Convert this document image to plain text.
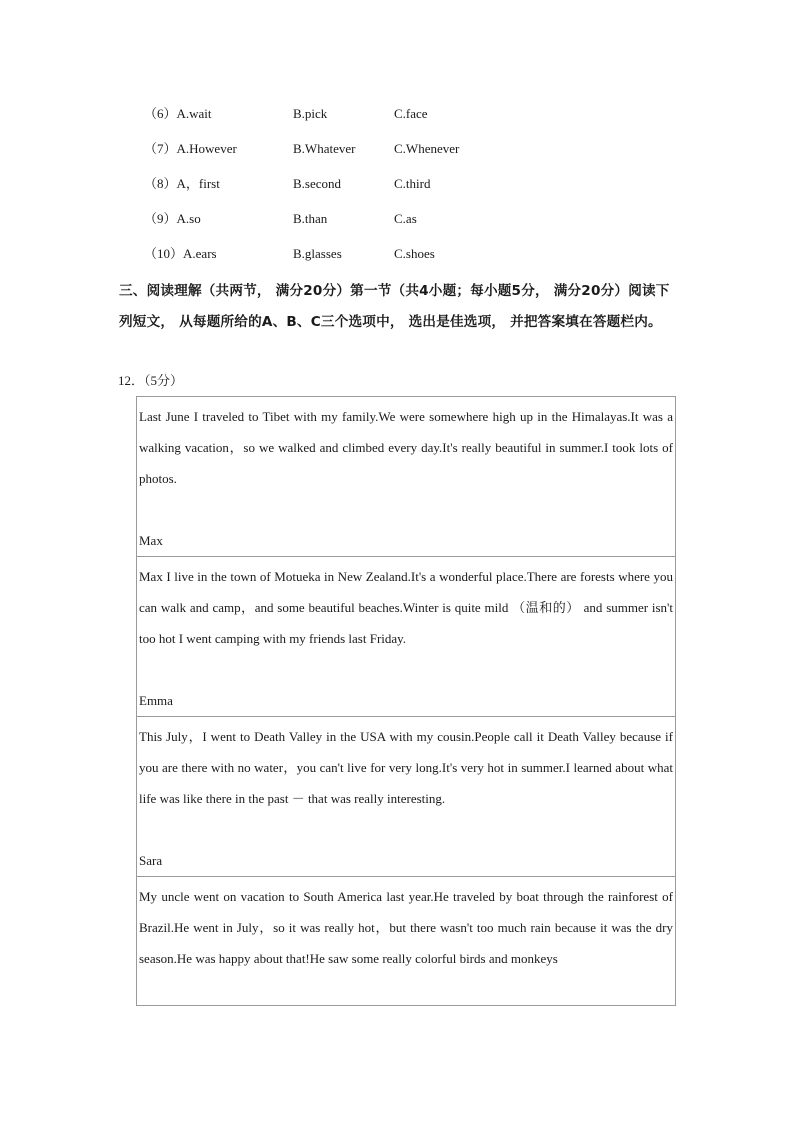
（6）A.wait	B.pick	C.face
（7）A.However	B.Whatever	C.Whenever
（8）A，first	B.second	C.third
（9）A.so	B.than	C.as
（10）A.ears	B.glasses	C.shoes
三、阅读理解（共两节， 满分20分）第一节（共4小题；每小题5分， 满分20分）阅读下列短文， 从每题所给的A、B、C三个选项中， 选出是佳选项， 并把答案填在答题栏内。
12．（5分）
Last June I traveled to Tibet with my family.We were somewhere high up in the Himalayas.It was a walking vacation，so we walked and climbed every day.It's really beautiful in summer.I took lots of photos.
Max
Max I live in the town of Motueka in New Zealand.It's a wonderful place.There are forests where you can walk and camp，and some beautiful beaches.Winter is quite mild （温和的） and summer isn't too hot I went camping with my friends last Friday.
Emma
This July，I went to Death Valley in the USA with my cousin.People call it Death Valley because if you are there with no water，you can't live for very long.It's very hot in summer.I learned about what life was like there in the past － that was really interesting.
Sara
My uncle went on vacation to South America last year.He traveled by boat through the rainforest of Brazil.He went in July，so it was really hot，but there wasn't too much rain because it was the dry season.He was happy about that!He saw some really colorful birds and monkeys
